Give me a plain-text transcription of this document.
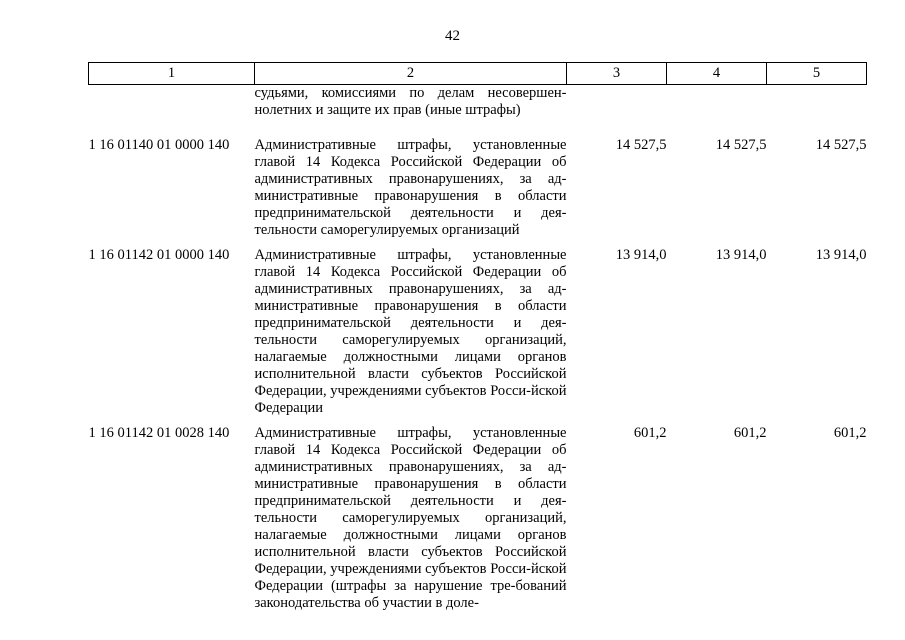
42
1	2	3	4	5
	судьями, комиссиями по делам несовершен-нолетних и защите их прав (иные штрафы)			
1 16 01140 01 0000 140	Административные штрафы, установленные главой 14 Кодекса Российской Федерации об административных правонарушениях, за ад-министративные правонарушения в области предпринимательской деятельности и дея-тельности саморегулируемых организаций	14 527,5	14 527,5	14 527,5
1 16 01142 01 0000 140	Административные штрафы, установленные главой 14 Кодекса Российской Федерации об административных правонарушениях, за ад-министративные правонарушения в области предпринимательской деятельности и дея-тельности саморегулируемых организаций, налагаемые должностными лицами органов исполнительной власти субъектов Российской Федерации, учреждениями субъектов Росси-йской Федерации	13 914,0	13 914,0	13 914,0
1 16 01142 01 0028 140	Административные штрафы, установленные главой 14 Кодекса Российской Федерации об административных правонарушениях, за ад-министративные правонарушения в области предпринимательской деятельности и дея-тельности саморегулируемых организаций, налагаемые должностными лицами органов исполнительной власти субъектов Российской Федерации, учреждениями субъектов Росси-йской Федерации (штрафы за нарушение тре-бований законодательства об участии в доле-	601,2	601,2	601,2
